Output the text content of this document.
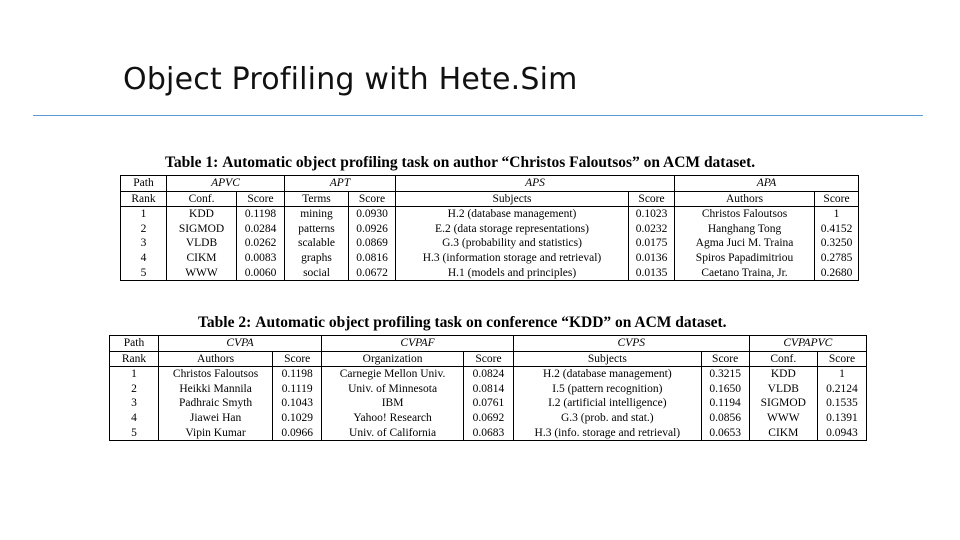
Object Profiling with Hete.Sim
Table 1: Automatic object profiling task on author “Christos Faloutsos” on ACM dataset.
Path	APVC		APT		APS		APA	
Rank	Conf.	Score	Terms	Score	Subjects	Score	Authors	Score
1	KDD	0.1198	mining	0.0930	H.2 (database management)	0.1023	Christos Faloutsos	1
2	SIGMOD	0.0284	patterns	0.0926	E.2 (data storage representations)	0.0232	Hanghang Tong	0.4152
3	VLDB	0.0262	scalable	0.0869	G.3 (probability and statistics)	0.0175	Agma Juci M. Traina	0.3250
4	CIKM	0.0083	graphs	0.0816	H.3 (information storage and retrieval)	0.0136	Spiros Papadimitriou	0.2785
5	WWW	0.0060	social	0.0672	H.1 (models and principles)	0.0135	Caetano Traina, Jr.	0.2680
Table 2: Automatic object profiling task on conference “KDD” on ACM dataset.
Path	CVPA		CVPAF		CVPS		CVPAPVC	
Rank	Authors	Score	Organization	Score	Subjects	Score	Conf.	Score
1	Christos Faloutsos	0.1198	Carnegie Mellon Univ.	0.0824	H.2 (database management)	0.3215	KDD	1
2	Heikki Mannila	0.1119	Univ. of Minnesota	0.0814	I.5 (pattern recognition)	0.1650	VLDB	0.2124
3	Padhraic Smyth	0.1043	IBM	0.0761	I.2 (artificial intelligence)	0.1194	SIGMOD	0.1535
4	Jiawei Han	0.1029	Yahoo! Research	0.0692	G.3 (prob. and stat.)	0.0856	WWW	0.1391
5	Vipin Kumar	0.0966	Univ. of California	0.0683	H.3 (info. storage and retrieval)	0.0653	CIKM	0.0943
